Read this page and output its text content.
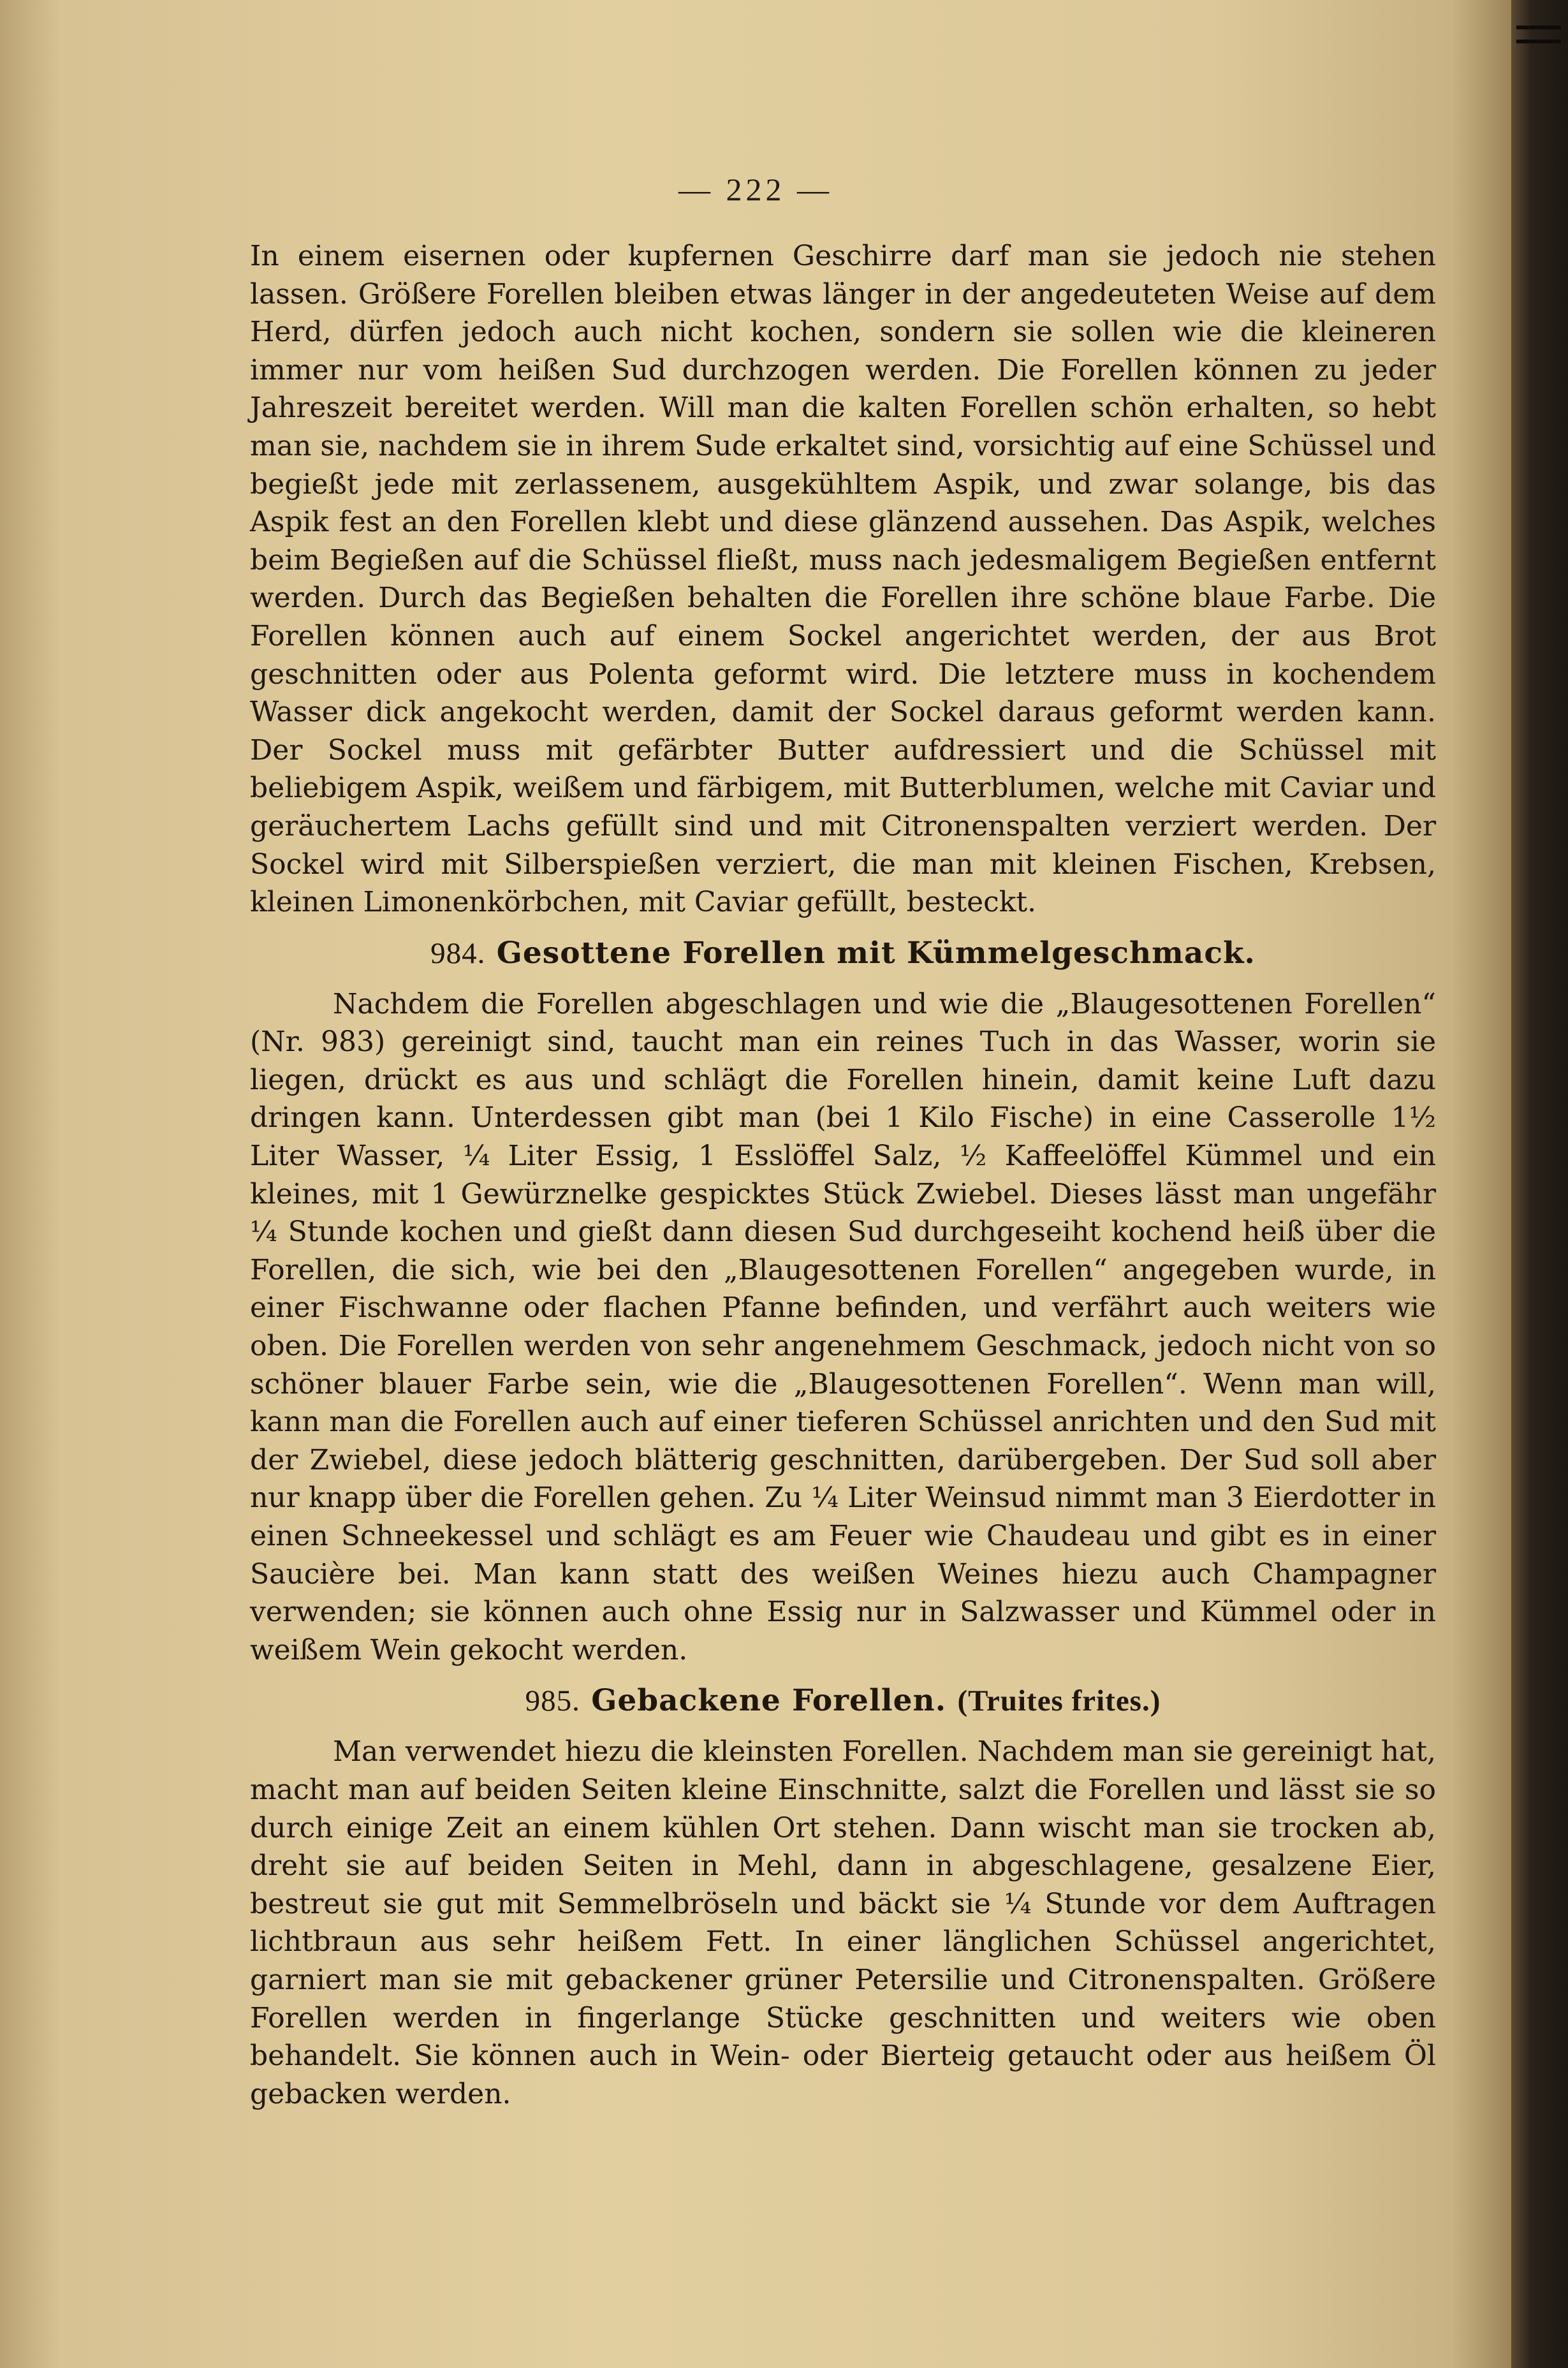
— 222 —

In einem eisernen oder kupfernen Geschirre darf man sie jedoch nie stehen lassen. Größere Forellen bleiben etwas länger in der angedeuteten Weise auf dem Herd, dürfen jedoch auch nicht kochen, sondern sie sollen wie die kleineren immer nur vom heißen Sud durchzogen werden. Die Forellen können zu jeder Jahreszeit bereitet werden. Will man die kalten Forellen schön erhalten, so hebt man sie, nachdem sie in ihrem Sude erkaltet sind, vorsichtig auf eine Schüssel und begießt jede mit zerlassenem, ausgekühltem Aspik, und zwar solange, bis das Aspik fest an den Forellen klebt und diese glänzend aussehen. Das Aspik, welches beim Begießen auf die Schüssel fließt, muss nach jedesmaligem Begießen entfernt werden. Durch das Begießen behalten die Forellen ihre schöne blaue Farbe. Die Forellen können auch auf einem Sockel angerichtet werden, der aus Brot geschnitten oder aus Polenta geformt wird. Die letztere muss in kochendem Wasser dick angekocht werden, damit der Sockel daraus geformt werden kann. Der Sockel muss mit gefärbter Butter aufdressiert und die Schüssel mit beliebigem Aspik, weißem und färbigem, mit Butterblumen, welche mit Caviar und geräuchertem Lachs gefüllt sind und mit Citronenspalten verziert werden. Der Sockel wird mit Silberspießen verziert, die man mit kleinen Fischen, Krebsen, kleinen Limonenkörbchen, mit Caviar gefüllt, besteckt.

984. Gesottene Forellen mit Kümmelgeschmack.

Nachdem die Forellen abgeschlagen und wie die „Blaugesottenen Forellen“ (Nr. 983) gereinigt sind, taucht man ein reines Tuch in das Wasser, worin sie liegen, drückt es aus und schlägt die Forellen hinein, damit keine Luft dazu dringen kann. Unterdessen gibt man (bei 1 Kilo Fische) in eine Casserolle 1½ Liter Wasser, ¼ Liter Essig, 1 Esslöffel Salz, ½ Kaffeelöffel Kümmel und ein kleines, mit 1 Gewürznelke gespicktes Stück Zwiebel. Dieses lässt man ungefähr ¼ Stunde kochen und gießt dann diesen Sud durchgeseiht kochend heiß über die Forellen, die sich, wie bei den „Blaugesottenen Forellen“ angegeben wurde, in einer Fischwanne oder flachen Pfanne befinden, und verfährt auch weiters wie oben. Die Forellen werden von sehr angenehmem Geschmack, jedoch nicht von so schöner blauer Farbe sein, wie die „Blaugesottenen Forellen“. Wenn man will, kann man die Forellen auch auf einer tieferen Schüssel anrichten und den Sud mit der Zwiebel, diese jedoch blätterig geschnitten, darübergeben. Der Sud soll aber nur knapp über die Forellen gehen. Zu ¼ Liter Weinsud nimmt man 3 Eierdotter in einen Schneekessel und schlägt es am Feuer wie Chaudeau und gibt es in einer Saucière bei. Man kann statt des weißen Weines hiezu auch Champagner verwenden; sie können auch ohne Essig nur in Salzwasser und Kümmel oder in weißem Wein gekocht werden.

985. Gebackene Forellen. (Truites frites.)

Man verwendet hiezu die kleinsten Forellen. Nachdem man sie gereinigt hat, macht man auf beiden Seiten kleine Einschnitte, salzt die Forellen und lässt sie so durch einige Zeit an einem kühlen Ort stehen. Dann wischt man sie trocken ab, dreht sie auf beiden Seiten in Mehl, dann in abgeschlagene, gesalzene Eier, bestreut sie gut mit Semmelbröseln und bäckt sie ¼ Stunde vor dem Auftragen lichtbraun aus sehr heißem Fett. In einer länglichen Schüssel angerichtet, garniert man sie mit gebackener grüner Petersilie und Citronenspalten. Größere Forellen werden in fingerlange Stücke geschnitten und weiters wie oben behandelt. Sie können auch in Wein- oder Bierteig getaucht oder aus heißem Öl gebacken werden.
